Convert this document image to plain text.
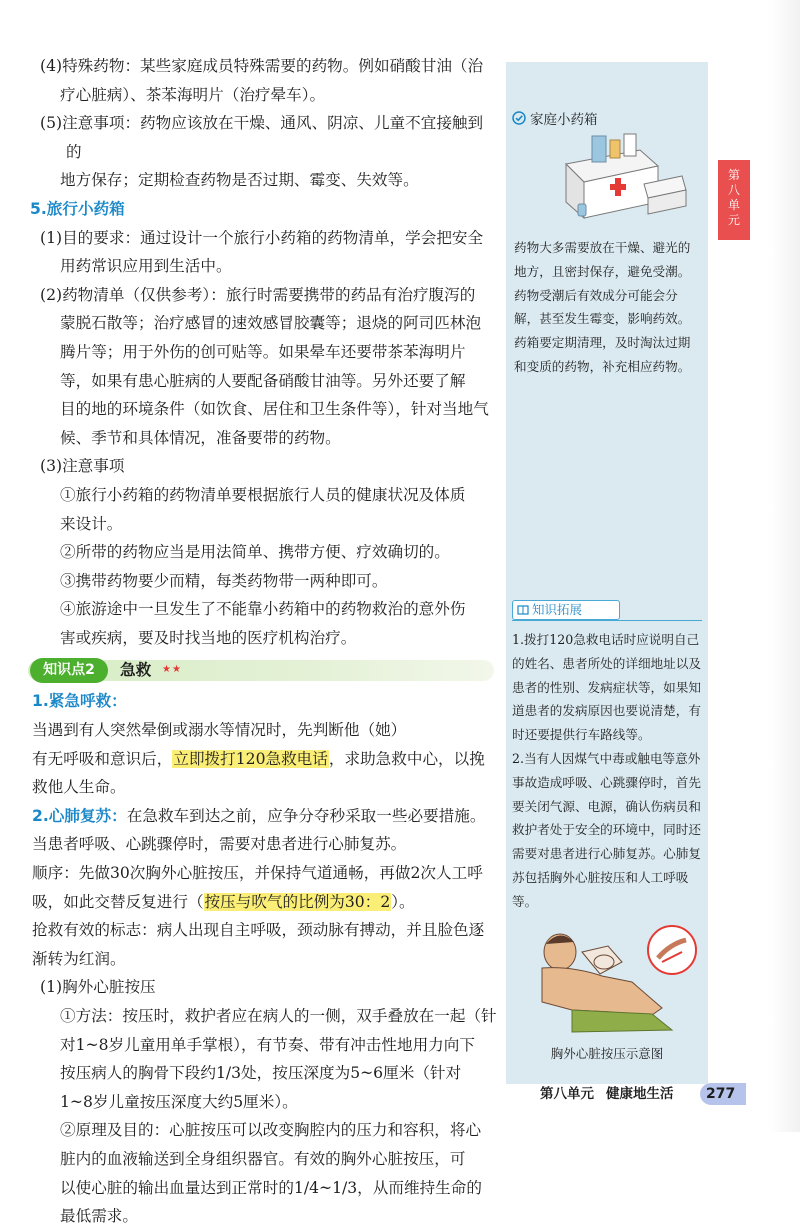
(4)特殊药物：某些家庭成员特殊需要的药物。例如硝酸甘油（治
疗心脏病）、茶苯海明片（治疗晕车）。
(5)注意事项：药物应该放在干燥、通风、阴凉、儿童不宜接触到的
地方保存；定期检查药物是否过期、霉变、失效等。
5.旅行小药箱
(1)目的要求：通过设计一个旅行小药箱的药物清单，学会把安全
用药常识应用到生活中。
(2)药物清单（仅供参考）：旅行时需要携带的药品有治疗腹泻的
蒙脱石散等；治疗感冒的速效感冒胶囊等；退烧的阿司匹林泡
腾片等；用于外伤的创可贴等。如果晕车还要带茶苯海明片
等，如果有患心脏病的人要配备硝酸甘油等。另外还要了解
目的地的环境条件（如饮食、居住和卫生条件等），针对当地气
候、季节和具体情况，准备要带的药物。
(3)注意事项
①旅行小药箱的药物清单要根据旅行人员的健康状况及体质
来设计。
②所带的药物应当是用法简单、携带方便、疗效确切的。
③携带药物要少而精，每类药物带一两种即可。
④旅游途中一旦发生了不能靠小药箱中的药物救治的意外伤
害或疾病，要及时找当地的医疗机构治疗。
知识点2	急救 ★★
1.紧急呼救：当遇到有人突然晕倒或溺水等情况时，先判断他（她）
有无呼吸和意识后，立即拨打120急救电话，求助急救中心，以挽
救他人生命。
2.心肺复苏：在急救车到达之前，应争分夺秒采取一些必要措施。
当患者呼吸、心跳骤停时，需要对患者进行心肺复苏。
顺序：先做30次胸外心脏按压，并保持气道通畅，再做2次人工呼
吸，如此交替反复进行（按压与吹气的比例为30：2）。
抢救有效的标志：病人出现自主呼吸，颈动脉有搏动，并且脸色逐
渐转为红润。
(1)胸外心脏按压
①方法：按压时，救护者应在病人的一侧，双手叠放在一起（针
对1~8岁儿童用单手掌根），有节奏、带有冲击性地用力向下
按压病人的胸骨下段约1/3处，按压深度为5~6厘米（针对
1~8岁儿童按压深度大约5厘米）。
②原理及目的：心脏按压可以改变胸腔内的压力和容积，将心
脏内的血液输送到全身组织器官。有效的胸外心脏按压，可
以使心脏的输出血量达到正常时的1/4~1/3，从而维持生命的
最低需求。
家庭小药箱
药物大多需要放在干燥、避光的地方，且密封保存，避免受潮。药物受潮后有效成分可能会分解，甚至发生霉变，影响药效。药箱要定期清理，及时淘汰过期和变质的药物，补充相应药物。
知识拓展
1.拨打120急救电话时应说明自己的姓名、患者所处的详细地址以及患者的性别、发病症状等，如果知道患者的发病原因也要说清楚，有时还要提供行车路线等。
2.当有人因煤气中毒或触电等意外事故造成呼吸、心跳骤停时，首先要关闭气源、电源，确认伤病员和救护者处于安全的环境中，同时还需要对患者进行心肺复苏。心肺复苏包括胸外心脏按压和人工呼吸等。
胸外心脏按压示意图
第
八
单
元
第八单元 健康地生活	277
